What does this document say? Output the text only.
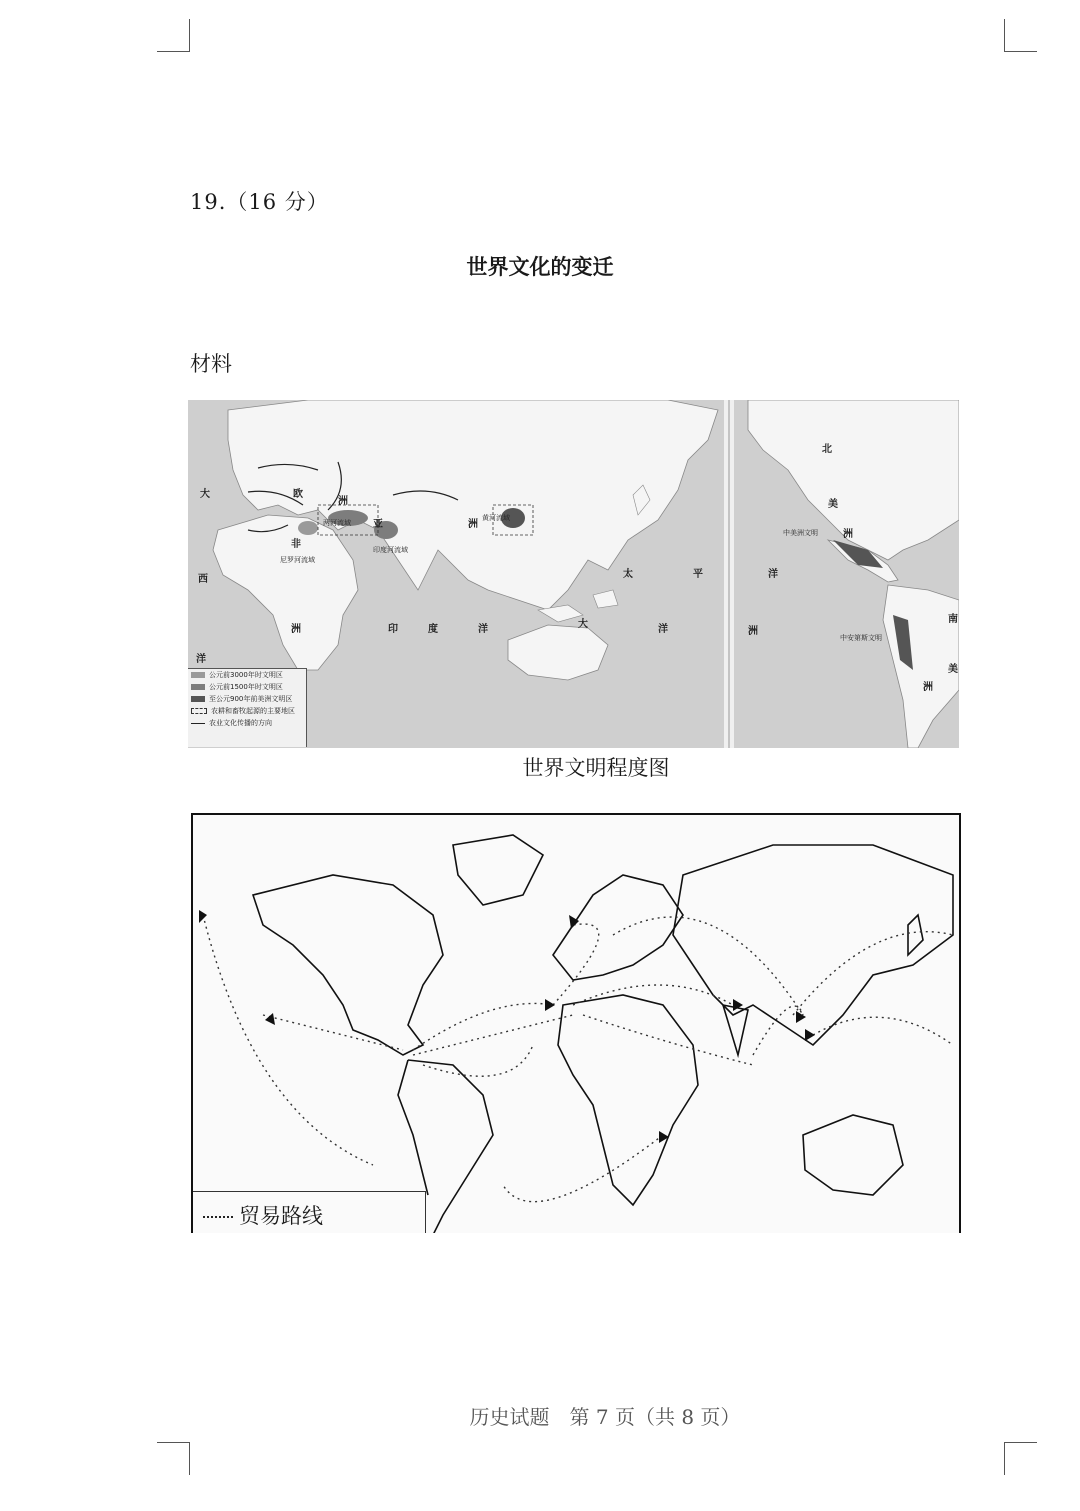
19.（16 分）
世界文化的变迁
材料
欧
洲
亚	洲
非
洲
北
美
洲
南
美
洲
大
西
洋
太	平	洋
印	度	洋	大	洋	洲
黄河流域
印度河流域
尼罗河流域
两河流域
中美洲文明
中安第斯文明
公元前3000年时文明区
公元前1500年时文明区
至公元900年前美洲文明区
农耕和畜牧起源的主要地区
农业文化传播的方向
世界文明程度图
贸易路线
历史试题　第 7 页（共 8 页）
